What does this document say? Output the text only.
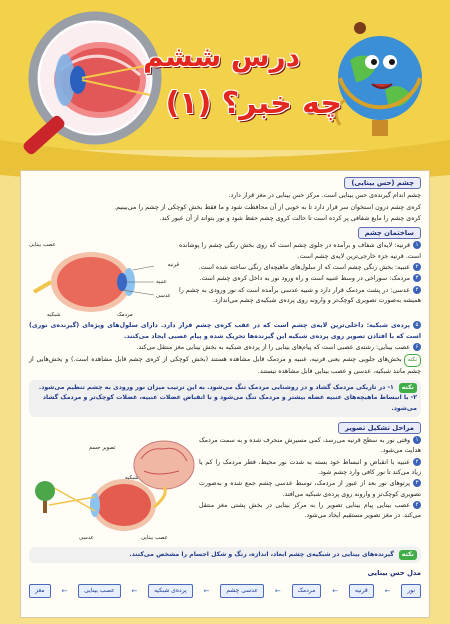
درس ششم
چه خبر؟ (۱)
چشم (حس بینایی)

چشم اندام گیرنده‌ی حس بینایی است. مرکز حس بینایی در مغز قرار دارد.

کره‌ی چشم درون استخوان سر قرار دارد تا به خوبی از آن محافظت شود و ما فقط بخش کوچکی از چشم را می‌بینیم.

کره‌ی چشم را مایع شفافی پر کرده است تا حالت کروی چشم حفظ شود و نور بتواند از آن عبور کند.

ساختمان چشم

۱قرنیه: لایه‌ای شفاف و برآمده در جلوی چشم است که روی بخش رنگی چشم را پوشانده است. قرنیه جزء خارجی‌ترین لایه‌ی چشم است.

۲عنبیه: بخش رنگی چشم است که از سلول‌های ماهیچه‌ای رنگی ساخته شده است.

۳مردمک: سوراخی در وسط عنبیه است و راه ورود نور به داخل کره‌ی چشم است.

۴عدسی: در پشت مردمک قرار دارد و شبیه عدسی برآمده است که نور ورودی به چشم را همیشه به‌صورت تصویری کوچک‌تر و وارونه روی پرده‌ی شبکیه‌ی چشم می‌اندازد.

عصب بینایی
قرنیه
عنبیه
عدسی
شبکیه	مردمک

۵پرده‌ی شبکیه: داخلی‌ترین لایه‌ی چشم است که در عقب کره‌ی چشم قرار دارد. دارای سلول‌های ویژه‌ای (گیرنده‌ی نوری) است که با افتادن تصویر روی پرده‌ی شبکیه این گیرنده‌ها تحریک شده و پیام عصبی ایجاد می‌کنند.

۶عصب بینایی: رشته‌ی عصبی است که پیام‌های بینایی را از پرده‌ی شبکیه به بخش بینایی مغز منتقل می‌کند.

نکتهبخش‌های جلویی چشم یعنی قرنیه، عنبیه و مردمک قابل مشاهده هستند (بخش کوچکی از کره‌ی چشم قابل مشاهده است.) و بخش‌هایی از چشم مانند شبکیه، عدسی و عصب بینایی قابل مشاهده نیستند.

نکته ۱- در تاریکی مردمک گشاد و در روشنایی مردمک تنگ می‌شود. به این ترتیب میزان نور ورودی به چشم تنظیم می‌شود.
۲- با انبساط ماهیچه‌های عنبیه عضله بیشتر و مردمک تنگ می‌شود و با انقباض عضلات عنبیه، عضلات کوچک‌تر و مردمک گشاد می‌شود.
مراحل تشکیل تصویر

۱وقتی نور به سطح قرنیه می‌رسد، کمی مسیرش منحرف شده و به سمت مردمک هدایت می‌شود.

۲عنبیه با انقباض و انبساط خود بسته به شدت نور محیط، قطر مردمک را کم یا زیاد می‌کند تا نور کافی وارد چشم شود.

۳پرتوهای نور بعد از عبور از مردمک، توسط عدسی چشم جمع شده و به‌صورت تصویری کوچک‌تر و وارونه روی پرده‌ی شبکیه می‌افتد.

۴عصب بینایی پیام بینایی تصویر را به مرکز بینایی در بخش پشتی مغز منتقل می‌کند. در مغز تصویر مستقیم ایجاد می‌شود.

تصویر جسم
شبکیه
عدسی	عصب بینایی
نکته گیرنده‌های بینایی در شبکیه‌ی چشم ابعاد، اندازه، رنگ و شکل اجسام را مشخص می‌کنند.
مدل حس بینایی
نور
←
قرنیه
←
مردمک
←
عدسی چشم
←
پرده‌ی شبکیه
←
عصب بینایی
←
مغز
